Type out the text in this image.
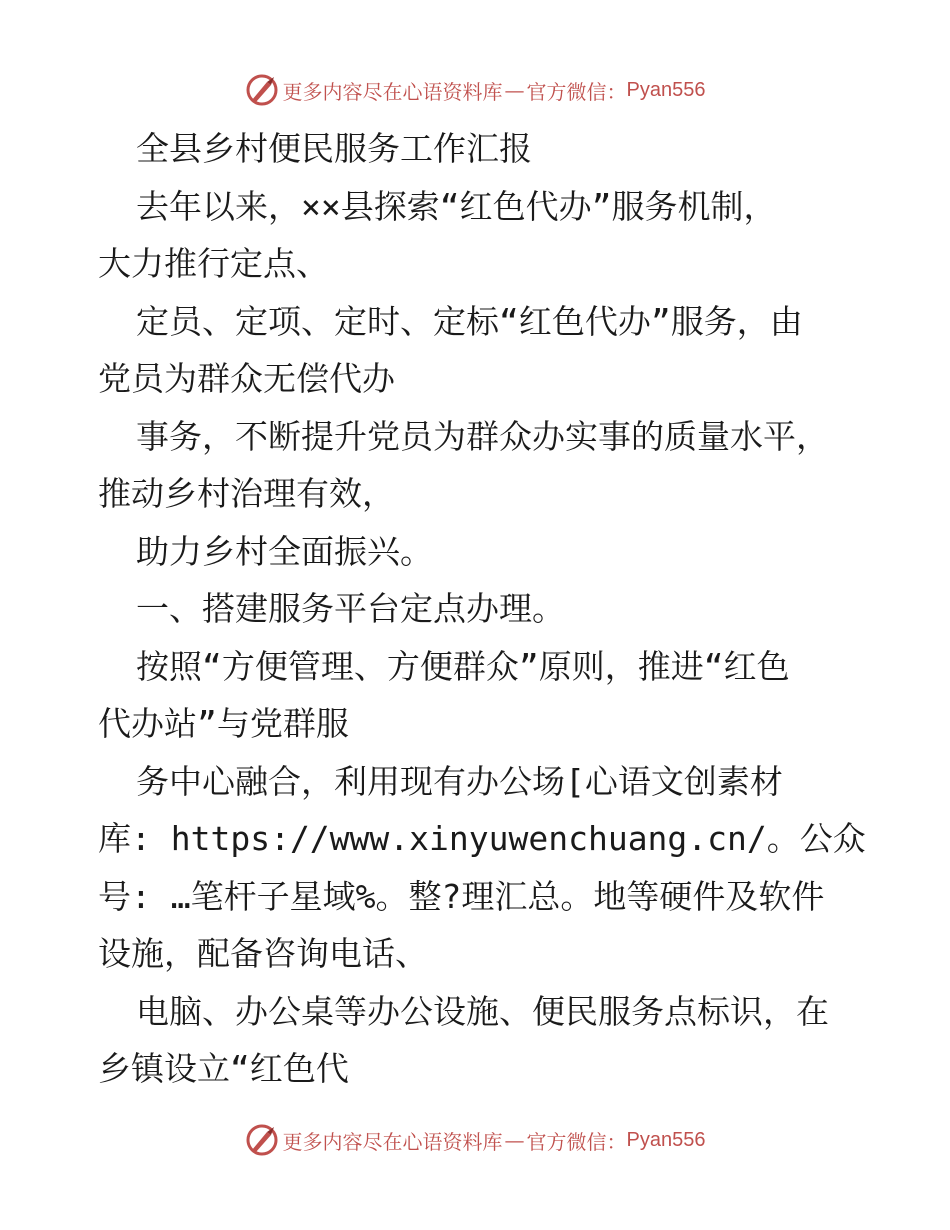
更多内容尽在心语资料库 — 官方微信： Pyan556
全县乡村便民服务工作汇报
去年以来，××县探索“红色代办”服务机制，
大力推行定点、
定员、定项、定时、定标“红色代办”服务，由
党员为群众无偿代办
事务，不断提升党员为群众办实事的质量水平，
推动乡村治理有效，
助力乡村全面振兴。
一、搭建服务平台定点办理。
按照“方便管理、方便群众”原则，推进“红色
代办站”与党群服
务中心融合，利用现有办公场[心语文创素材
库: https://www.xinyuwenchuang.cn/。公众
号: …笔杆子星域%。整?理汇总。地等硬件及软件
设施，配备咨询电话、
电脑、办公桌等办公设施、便民服务点标识，在
乡镇设立“红色代
更多内容尽在心语资料库 — 官方微信： Pyan556
